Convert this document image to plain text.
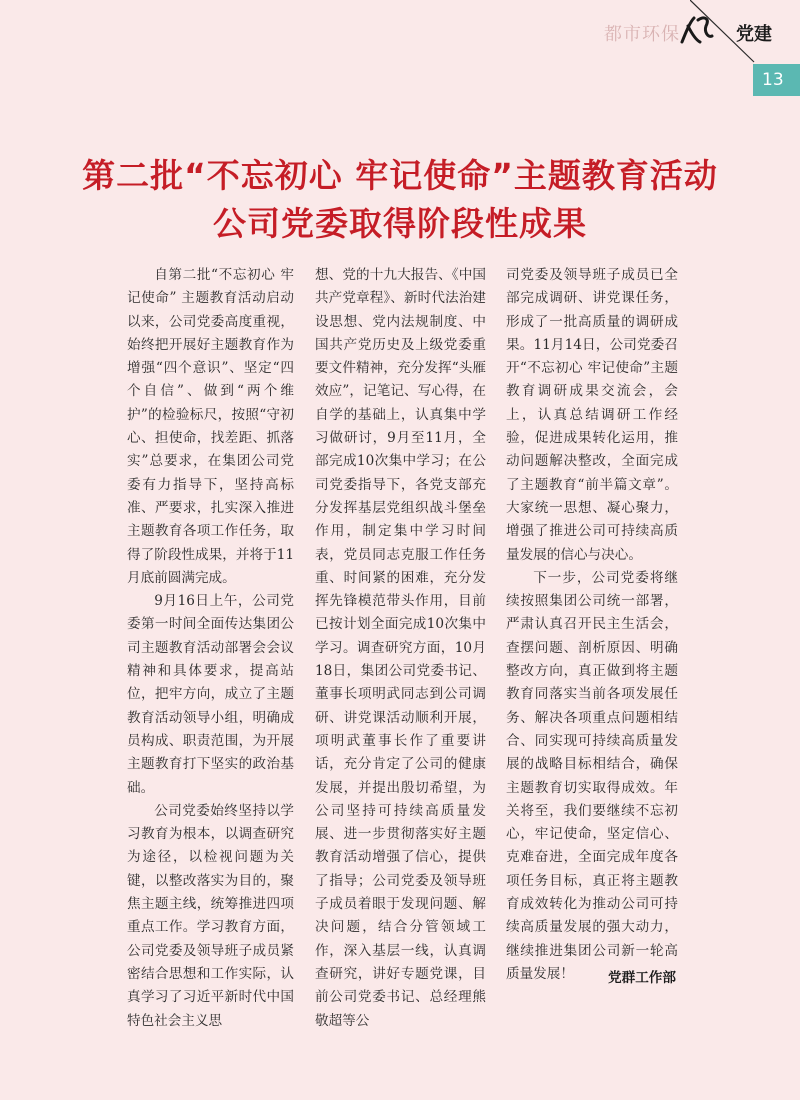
都市环保	党建
13
第二批“不忘初心 牢记使命”主题教育活动
公司党委取得阶段性成果

自第二批“不忘初心 牢记使命” 主题教育活动启动以来，公司党委高度重视，始终把开展好主题教育作为增强“四个意识”、坚定“四个自信”、做到“两个维护”的检验标尺，按照“守初心、担使命，找差距、抓落实”总要求，在集团公司党委有力指导下，坚持高标准、严要求，扎实深入推进主题教育各项工作任务，取得了阶段性成果，并将于11月底前圆满完成。

9月16日上午，公司党委第一时间全面传达集团公司主题教育活动部署会会议精神和具体要求，提高站位，把牢方向，成立了主题教育活动领导小组，明确成员构成、职责范围，为开展主题教育打下坚实的政治基础。

公司党委始终坚持以学习教育为根本，以调查研究为途径，以检视问题为关键，以整改落实为目的，聚焦主题主线，统筹推进四项重点工作。学习教育方面，公司党委及领导班子成员紧密结合思想和工作实际，认真学习了习近平新时代中国特色社会主义思

想、党的十九大报告、《中国共产党章程》、新时代法治建设思想、党内法规制度、中国共产党历史及上级党委重要文件精神，充分发挥“头雁效应”，记笔记、写心得，在自学的基础上，认真集中学习做研讨，9月至11月，全部完成10次集中学习；在公司党委指导下，各党支部充分发挥基层党组织战斗堡垒作用，制定集中学习时间表，党员同志克服工作任务重、时间紧的困难，充分发挥先锋模范带头作用，目前已按计划全面完成10次集中学习。调查研究方面，10月18日，集团公司党委书记、董事长项明武同志到公司调研、讲党课活动顺利开展，项明武董事长作了重要讲话，充分肯定了公司的健康发展，并提出殷切希望，为公司坚持可持续高质量发展、进一步贯彻落实好主题教育活动增强了信心，提供了指导；公司党委及领导班子成员着眼于发现问题、解决问题，结合分管领域工作，深入基层一线，认真调查研究，讲好专题党课，目前公司党委书记、总经理熊敬超等公

司党委及领导班子成员已全部完成调研、讲党课任务，形成了一批高质量的调研成果。11月14日，公司党委召开“不忘初心 牢记使命”主题教育调研成果交流会，会上，认真总结调研工作经验，促进成果转化运用，推动问题解决整改，全面完成了主题教育“前半篇文章”。大家统一思想、凝心聚力，增强了推进公司可持续高质量发展的信心与决心。

下一步，公司党委将继续按照集团公司统一部署，严肃认真召开民主生活会，查摆问题、剖析原因、明确整改方向，真正做到将主题教育同落实当前各项发展任务、解决各项重点问题相结合、同实现可持续高质量发展的战略目标相结合，确保主题教育切实取得成效。年关将至，我们要继续不忘初心，牢记使命，坚定信心、克难奋进，全面完成年度各项任务目标，真正将主题教育成效转化为推动公司可持续高质量发展的强大动力，继续推进集团公司新一轮高质量发展！	党群工作部
